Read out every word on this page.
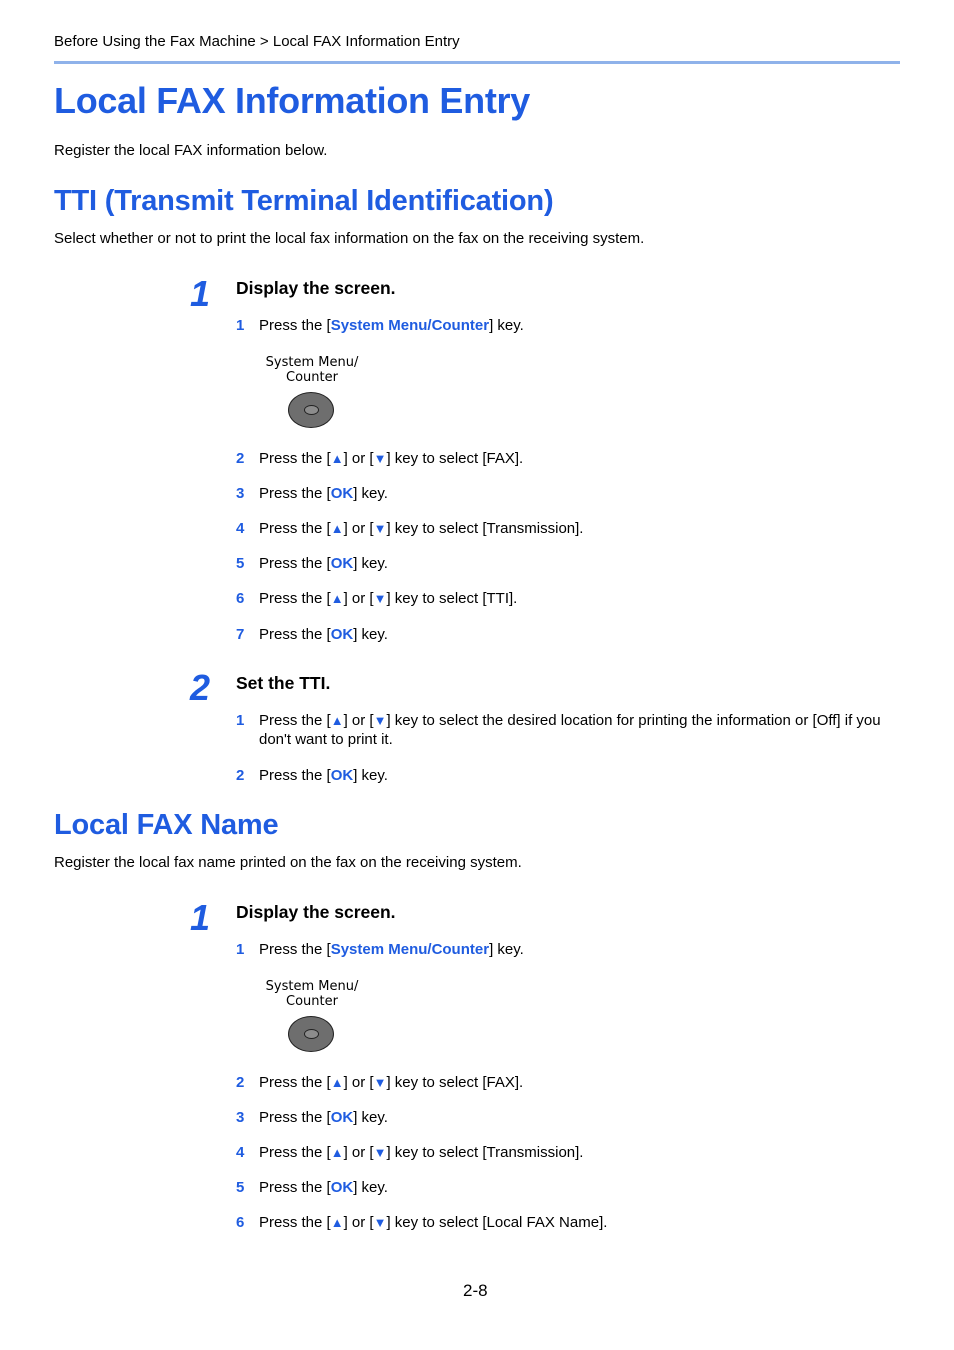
Before Using the Fax Machine > Local FAX Information Entry
Local FAX Information Entry

Register the local FAX information below.

TTI (Transmit Terminal Identification)

Select whether or not to print the local fax information on the fax on the receiving system.

1 Display the screen.
1 Press the [System Menu/Counter] key.
System Menu/
Counter
2 Press the [▲] or [▼] key to select [FAX].
3 Press the [OK] key.
4 Press the [▲] or [▼] key to select [Transmission].
5 Press the [OK] key.
6 Press the [▲] or [▼] key to select [TTI].
7 Press the [OK] key.
2 Set the TTI.
1 Press the [▲] or [▼] key to select the desired location for printing the information or [Off] if you don't want to print it.
2 Press the [OK] key.
Local FAX Name

Register the local fax name printed on the fax on the receiving system.

1 Display the screen.
1 Press the [System Menu/Counter] key.
System Menu/
Counter
2 Press the [▲] or [▼] key to select [FAX].
3 Press the [OK] key.
4 Press the [▲] or [▼] key to select [Transmission].
5 Press the [OK] key.
6 Press the [▲] or [▼] key to select [Local FAX Name].
2-8
